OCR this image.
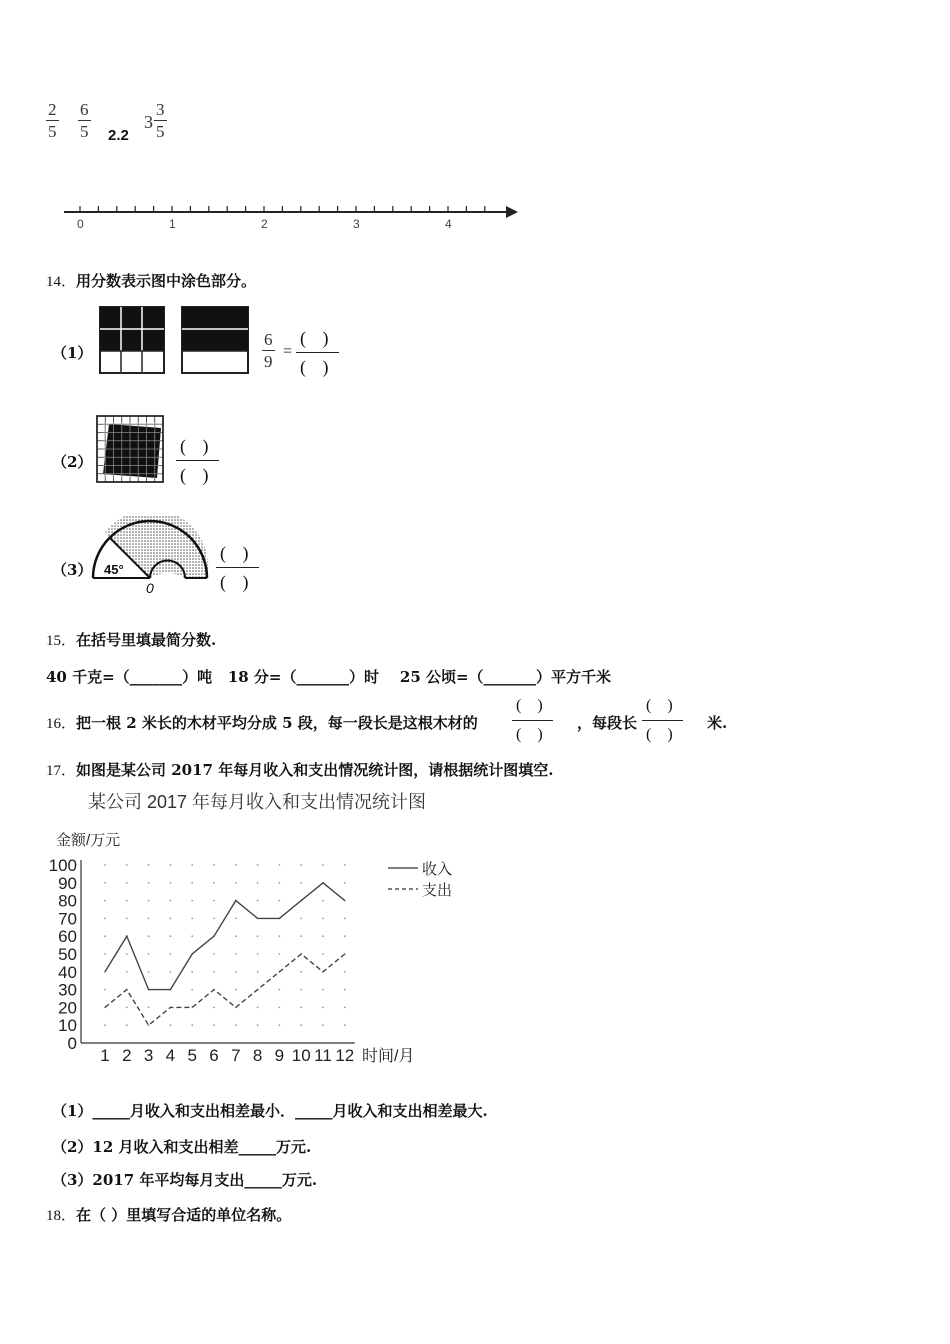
$\frac{2}{5} \frac{6}{5} 2.2$
$3 \frac{3}{5}$
0	1	2	3	4
14．用分数表示图中涂色部分。
（1）	$\frac{6}{9}$ =
( )
( )
（2）
( )
( )
（3） 45°
0
( )
( )
15．在括号里填最简分数.
40 千克=（_______）吨   18 分=（_______）时    25 公顷=（_______）平方千米
16．把一根 2 米长的木材平均分成 5 段，每一段长是这根木材的
( )
( )
，每段长
( )
( )
米.
17．如图是某公司 2017 年每月收入和支出情况统计图，请根据统计图填空.
某公司 2017 年每月收入和支出情况统计图
金额/万元
0
10
20
30
40
50
60
70
80
90
100
1 2 3 4 5 6 7 8 9 10 11 12 时间/月
收入
支出
（1）_____月收入和支出相差最小．_____月收入和支出相差最大.
（2）12 月收入和支出相差_____万元.
（3）2017 年平均每月支出_____万元.
18．在（ ）里填写合适的单位名称。
